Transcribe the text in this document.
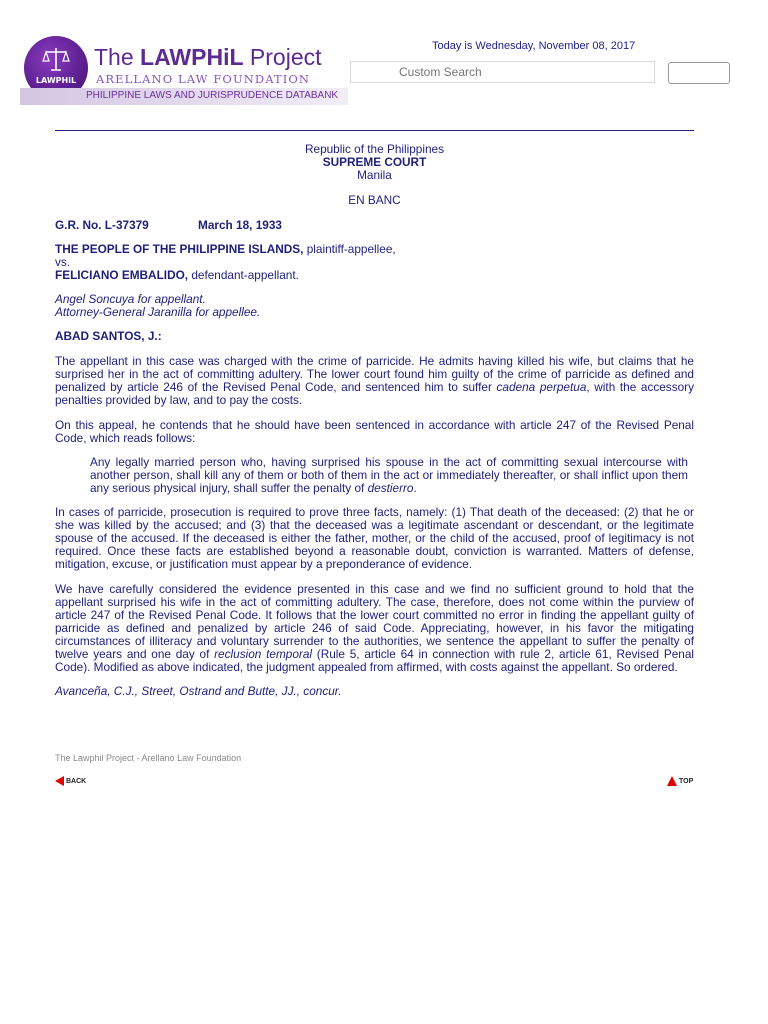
LAWPHiL
The LAWPHiL Project
ARELLANO LAW FOUNDATION
PHILIPPINE LAWS AND JURISPRUDENCE DATABANK
Today is Wednesday, November 08, 2017
Custom Search

Republic of the Philippines

SUPREME COURT

Manila

EN BANC

G.R. No. L-37379	March 18, 1933

THE PEOPLE OF THE PHILIPPINE ISLANDS, plaintiff-appellee,

vs.

FELICIANO EMBALIDO, defendant-appellant.

Angel Soncuya for appellant.

Attorney-General Jaranilla for appellee.

ABAD SANTOS, J.:

The appellant in this case was charged with the crime of parricide. He admits having killed his wife, but claims that he surprised her in the act of committing adultery. The lower court found him guilty of the crime of parricide as defined and penalized by article 246 of the Revised Penal Code, and sentenced him to suffer cadena perpetua, with the accessory penalties provided by law, and to pay the costs.

On this appeal, he contends that he should have been sentenced in accordance with article 247 of the Revised Penal Code, which reads follows:

Any legally married person who, having surprised his spouse in the act of committing sexual intercourse with another person, shall kill any of them or both of them in the act or immediately thereafter, or shall inflict upon them any serious physical injury, shall suffer the penalty of destierro.

In cases of parricide, prosecution is required to prove three facts, namely: (1) That death of the deceased: (2) that he or she was killed by the accused; and (3) that the deceased was a legitimate ascendant or descendant, or the legitimate spouse of the accused. If the deceased is either the father, mother, or the child of the accused, proof of legitimacy is not required. Once these facts are established beyond a reasonable doubt, conviction is warranted. Matters of defense, mitigation, excuse, or justification must appear by a preponderance of evidence.

We have carefully considered the evidence presented in this case and we find no sufficient ground to hold that the appellant surprised his wife in the act of committing adultery. The case, therefore, does not come within the purview of article 247 of the Revised Penal Code. It follows that the lower court committed no error in finding the appellant guilty of parricide as defined and penalized by article 246 of said Code. Appreciating, however, in his favor the mitigating circumstances of illiteracy and voluntary surrender to the authorities, we sentence the appellant to suffer the penalty of twelve years and one day of reclusion temporal (Rule 5, article 64 in connection with rule 2, article 61, Revised Penal Code). Modified as above indicated, the judgment appealed from affirmed, with costs against the appellant. So ordered.

Avanceña, C.J., Street, Ostrand and Butte, JJ., concur.

The Lawphil Project - Arellano Law Foundation
BACK	TOP
